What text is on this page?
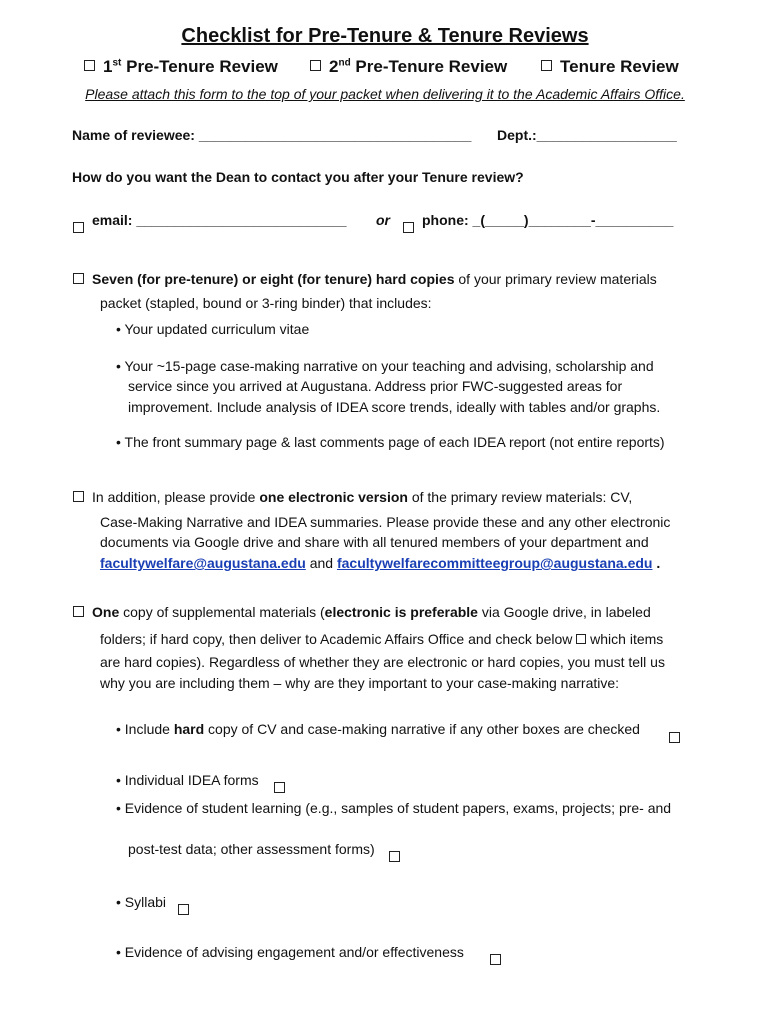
Checklist for Pre-Tenure & Tenure Reviews
1st Pre-Tenure Review	2nd Pre-Tenure Review	Tenure Review
Please attach this form to the top of your packet when delivering it to the Academic Affairs Office.
Name of reviewee: ___________________________________ Dept.:__________________
How do you want the Dean to contact you after your Tenure review?
email: ___________________________ or phone: _(_____)________-__________
Seven (for pre-tenure) or eight (for tenure) hard copies of your primary review materials
packet (stapled, bound or 3-ring binder) that includes:
• Your updated curriculum vitae
• Your ~15-page case-making narrative on your teaching and advising, scholarship and
service since you arrived at Augustana. Address prior FWC-suggested areas for
improvement. Include analysis of IDEA score trends, ideally with tables and/or graphs.
• The front summary page & last comments page of each IDEA report (not entire reports)
In addition, please provide one electronic version of the primary review materials: CV,
Case-Making Narrative and IDEA summaries. Please provide these and any other electronic
documents via Google drive and share with all tenured members of your department and
facultywelfare@augustana.edu and facultywelfarecommitteegroup@augustana.edu .
One copy of supplemental materials (electronic is preferable via Google drive, in labeled
folders; if hard copy, then deliver to Academic Affairs Office and check below  which items
are hard copies). Regardless of whether they are electronic or hard copies, you must tell us
why you are including them – why are they important to your case-making narrative:
• Include hard copy of CV and case-making narrative if any other boxes are checked
• Individual IDEA forms
• Evidence of student learning (e.g., samples of student papers, exams, projects; pre- and
post-test data; other assessment forms)
• Syllabi
• Evidence of advising engagement and/or effectiveness
